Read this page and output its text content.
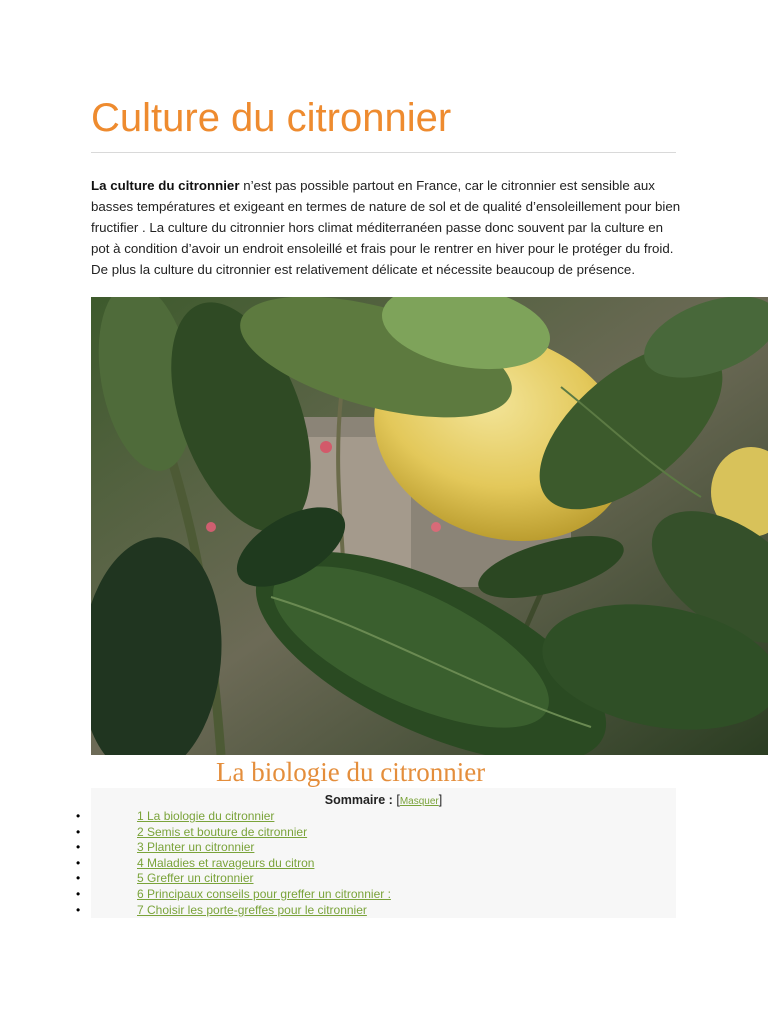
Culture du citronnier

La culture du citronnier n’est pas possible partout en France, car le citronnier est sensible aux basses températures et exigeant en termes de nature de sol et de qualité d’ensoleillement pour bien fructifier . La culture du citronnier hors climat méditerranéen passe donc souvent par la culture en pot à condition d’avoir un endroit ensoleillé et frais pour le rentrer en hiver pour le protéger du froid. De plus la culture du citronnier est relativement délicate et nécessite beaucoup de présence.

La biologie du citronnier
Sommaire : [Masquer]
•	1 La biologie du citronnier
•	2 Semis et bouture de citronnier
•	3 Planter un citronnier
•	4 Maladies et ravageurs du citron
•	5 Greffer un citronnier
•	6 Principaux conseils pour greffer un citronnier :
•	7 Choisir les porte-greffes pour le citronnier
